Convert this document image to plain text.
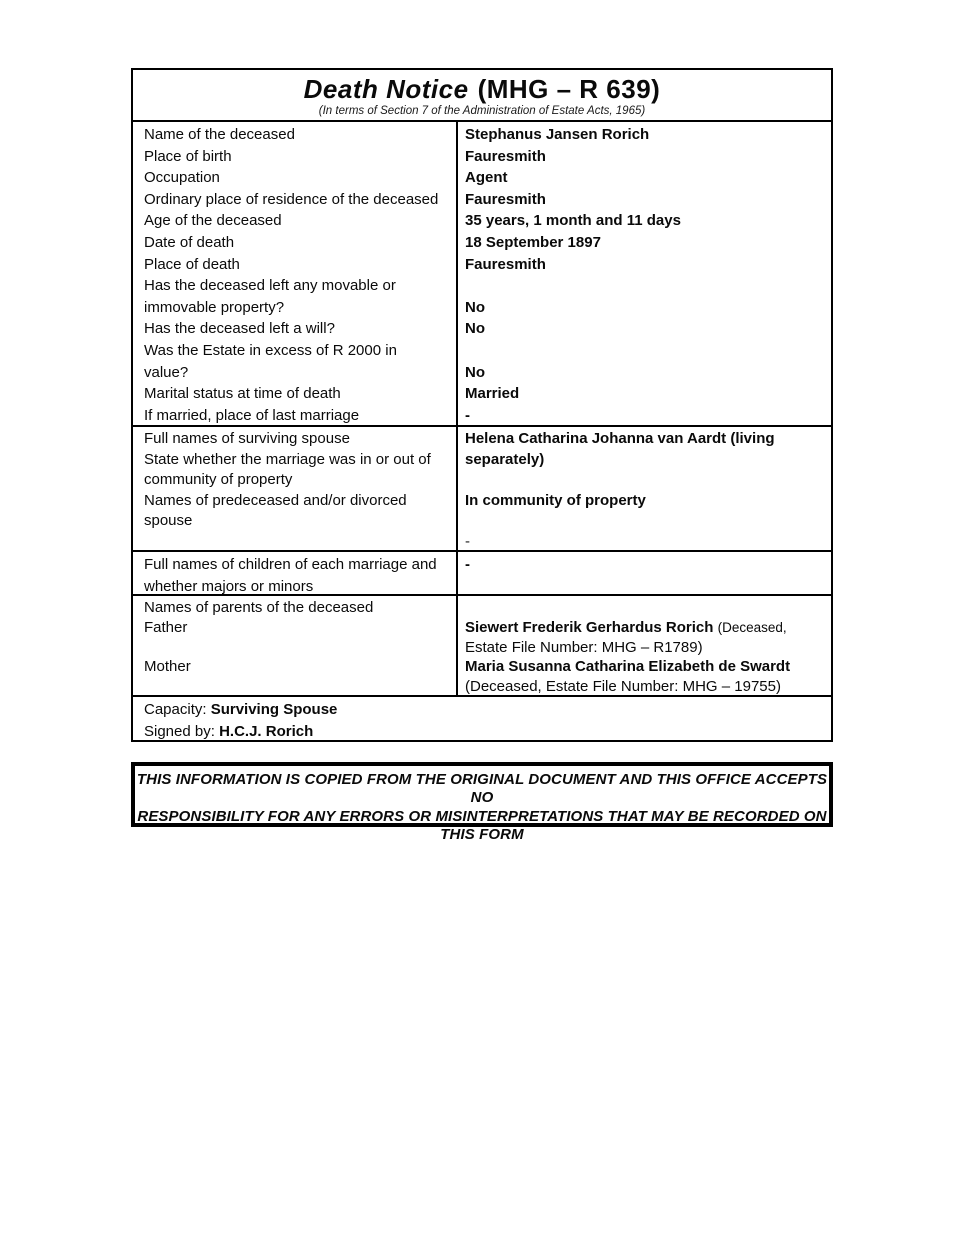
Death Notice (MHG – R 639)
(In terms of Section 7 of the Administration of Estate Acts, 1965)
Name of the deceased
Place of birth
Occupation
Ordinary place of residence of the deceased
Age of the deceased
Date of death
Place of death
Has the deceased left any movable or
immovable property?
Has the deceased left a will?
Was the Estate in excess of R 2000 in
value?
Marital status at time of death
If married, place of last marriage
Stephanus Jansen Rorich
Fauresmith
Agent
Fauresmith
35 years, 1 month and 11 days
18 September 1897
Fauresmith
No
No
No
Married
-
Full names of surviving spouse
State whether the marriage was in or out of
community of property
Names of predeceased and/or divorced
spouse
Helena Catharina Johanna van Aardt (living
separately)
In community of property
-
Full names of children of each marriage and
whether majors or minors
-
Names of parents of the deceased
Father
Mother
Siewert Frederik Gerhardus Rorich (Deceased,
Estate File Number: MHG – R1789)
Maria Susanna Catharina Elizabeth de Swardt
(Deceased, Estate File Number: MHG – 19755)
Capacity: Surviving Spouse
Signed by: H.C.J. Rorich
THIS INFORMATION IS COPIED FROM THE ORIGINAL DOCUMENT AND THIS OFFICE ACCEPTS NO
RESPONSIBILITY FOR ANY ERRORS OR MISINTERPRETATIONS THAT MAY BE RECORDED ON
THIS FORM
